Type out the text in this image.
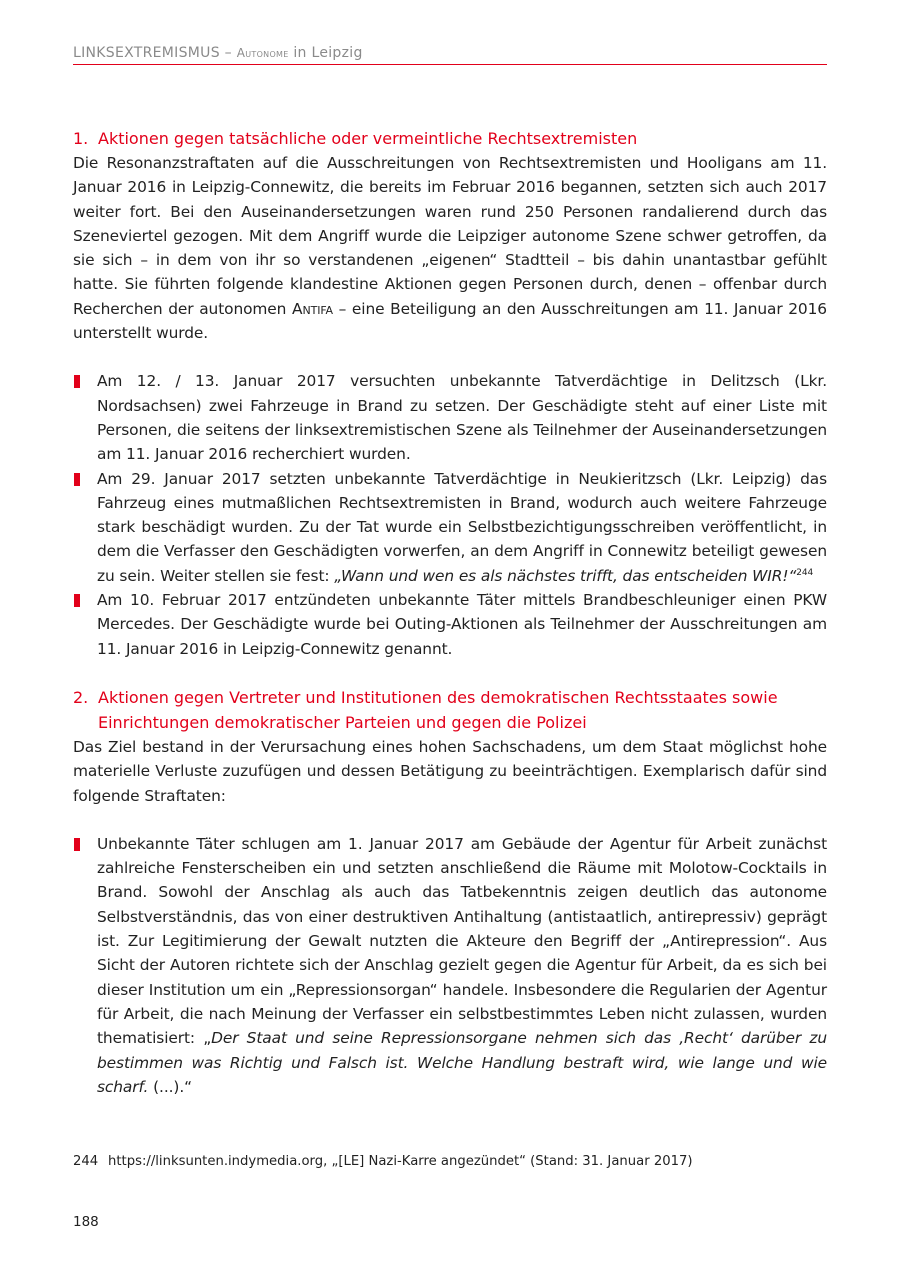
LINKSEXTREMISMUS – Autonome in Leipzig
1. Aktionen gegen tatsächliche oder vermeintliche Rechtsextremisten

Die Resonanzstraftaten auf die Ausschreitungen von Rechtsextremisten und Hooligans am 11. Januar 2016 in Leipzig-Connewitz, die bereits im Februar 2016 begannen, setzten sich auch 2017 weiter fort. Bei den Auseinandersetzungen waren rund 250 Personen randalierend durch das Szeneviertel gezogen. Mit dem Angriff wurde die Leipziger autonome Szene schwer getroffen, da sie sich – in dem von ihr so verstandenen „eigenen“ Stadtteil – bis dahin unantastbar gefühlt hatte. Sie führten folgende klandestine Aktionen gegen Personen durch, denen – offenbar durch Recherchen der autonomen Antifa – eine Beteiligung an den Ausschreitungen am 11. Januar 2016 unterstellt wurde.

Am 12. / 13. Januar 2017 versuchten unbekannte Tatverdächtige in Delitzsch (Lkr. Nordsachsen) zwei Fahrzeuge in Brand zu setzen. Der Geschädigte steht auf einer Liste mit Personen, die seitens der linksextremistischen Szene als Teilnehmer der Auseinandersetzungen am 11. Januar 2016 recherchiert wurden.
Am 29. Januar 2017 setzten unbekannte Tatverdächtige in Neukieritzsch (Lkr. Leipzig) das Fahrzeug eines mutmaßlichen Rechtsextremisten in Brand, wodurch auch weitere Fahrzeuge stark beschädigt wurden. Zu der Tat wurde ein Selbstbezichtigungsschreiben veröffentlicht, in dem die Verfasser den Geschädigten vorwerfen, an dem Angriff in Connewitz beteiligt gewesen zu sein. Weiter stellen sie fest: „Wann und wen es als nächstes trifft, das entscheiden WIR!“$^{244}$
Am 10. Februar 2017 entzündeten unbekannte Täter mittels Brandbeschleuniger einen PKW Mercedes. Der Geschädigte wurde bei Outing-Aktionen als Teilnehmer der Ausschreitungen am 11. Januar 2016 in Leipzig-Connewitz genannt.
2. Aktionen gegen Vertreter und Institutionen des demokratischen Rechtsstaates sowie Einrichtungen demokratischer Parteien und gegen die Polizei

Das Ziel bestand in der Verursachung eines hohen Sachschadens, um dem Staat möglichst hohe materielle Verluste zuzufügen und dessen Betätigung zu beeinträchtigen. Exemplarisch dafür sind folgende Straftaten:

Unbekannte Täter schlugen am 1. Januar 2017 am Gebäude der Agentur für Arbeit zunächst zahlreiche Fensterscheiben ein und setzten anschließend die Räume mit Molotow-Cocktails in Brand. Sowohl der Anschlag als auch das Tatbekenntnis zeigen deutlich das autonome Selbstverständnis, das von einer destruktiven Antihaltung (antistaatlich, antirepressiv) geprägt ist. Zur Legitimierung der Gewalt nutzten die Akteure den Begriff der „Antirepression“. Aus Sicht der Autoren richtete sich der Anschlag gezielt gegen die Agentur für Arbeit, da es sich bei dieser Institution um ein „Repressionsorgan“ handele. Insbesondere die Regularien der Agentur für Arbeit, die nach Meinung der Verfasser ein selbstbestimmtes Leben nicht zulassen, wurden thematisiert: „Der Staat und seine Repressionsorgane nehmen sich das ‚Recht‘ darüber zu bestimmen was Richtig und Falsch ist. Welche Handlung bestraft wird, wie lange und wie scharf. (...).“
244 https://linksunten.indymedia.org, „[LE] Nazi-Karre angezündet“ (Stand: 31. Januar 2017)
188
